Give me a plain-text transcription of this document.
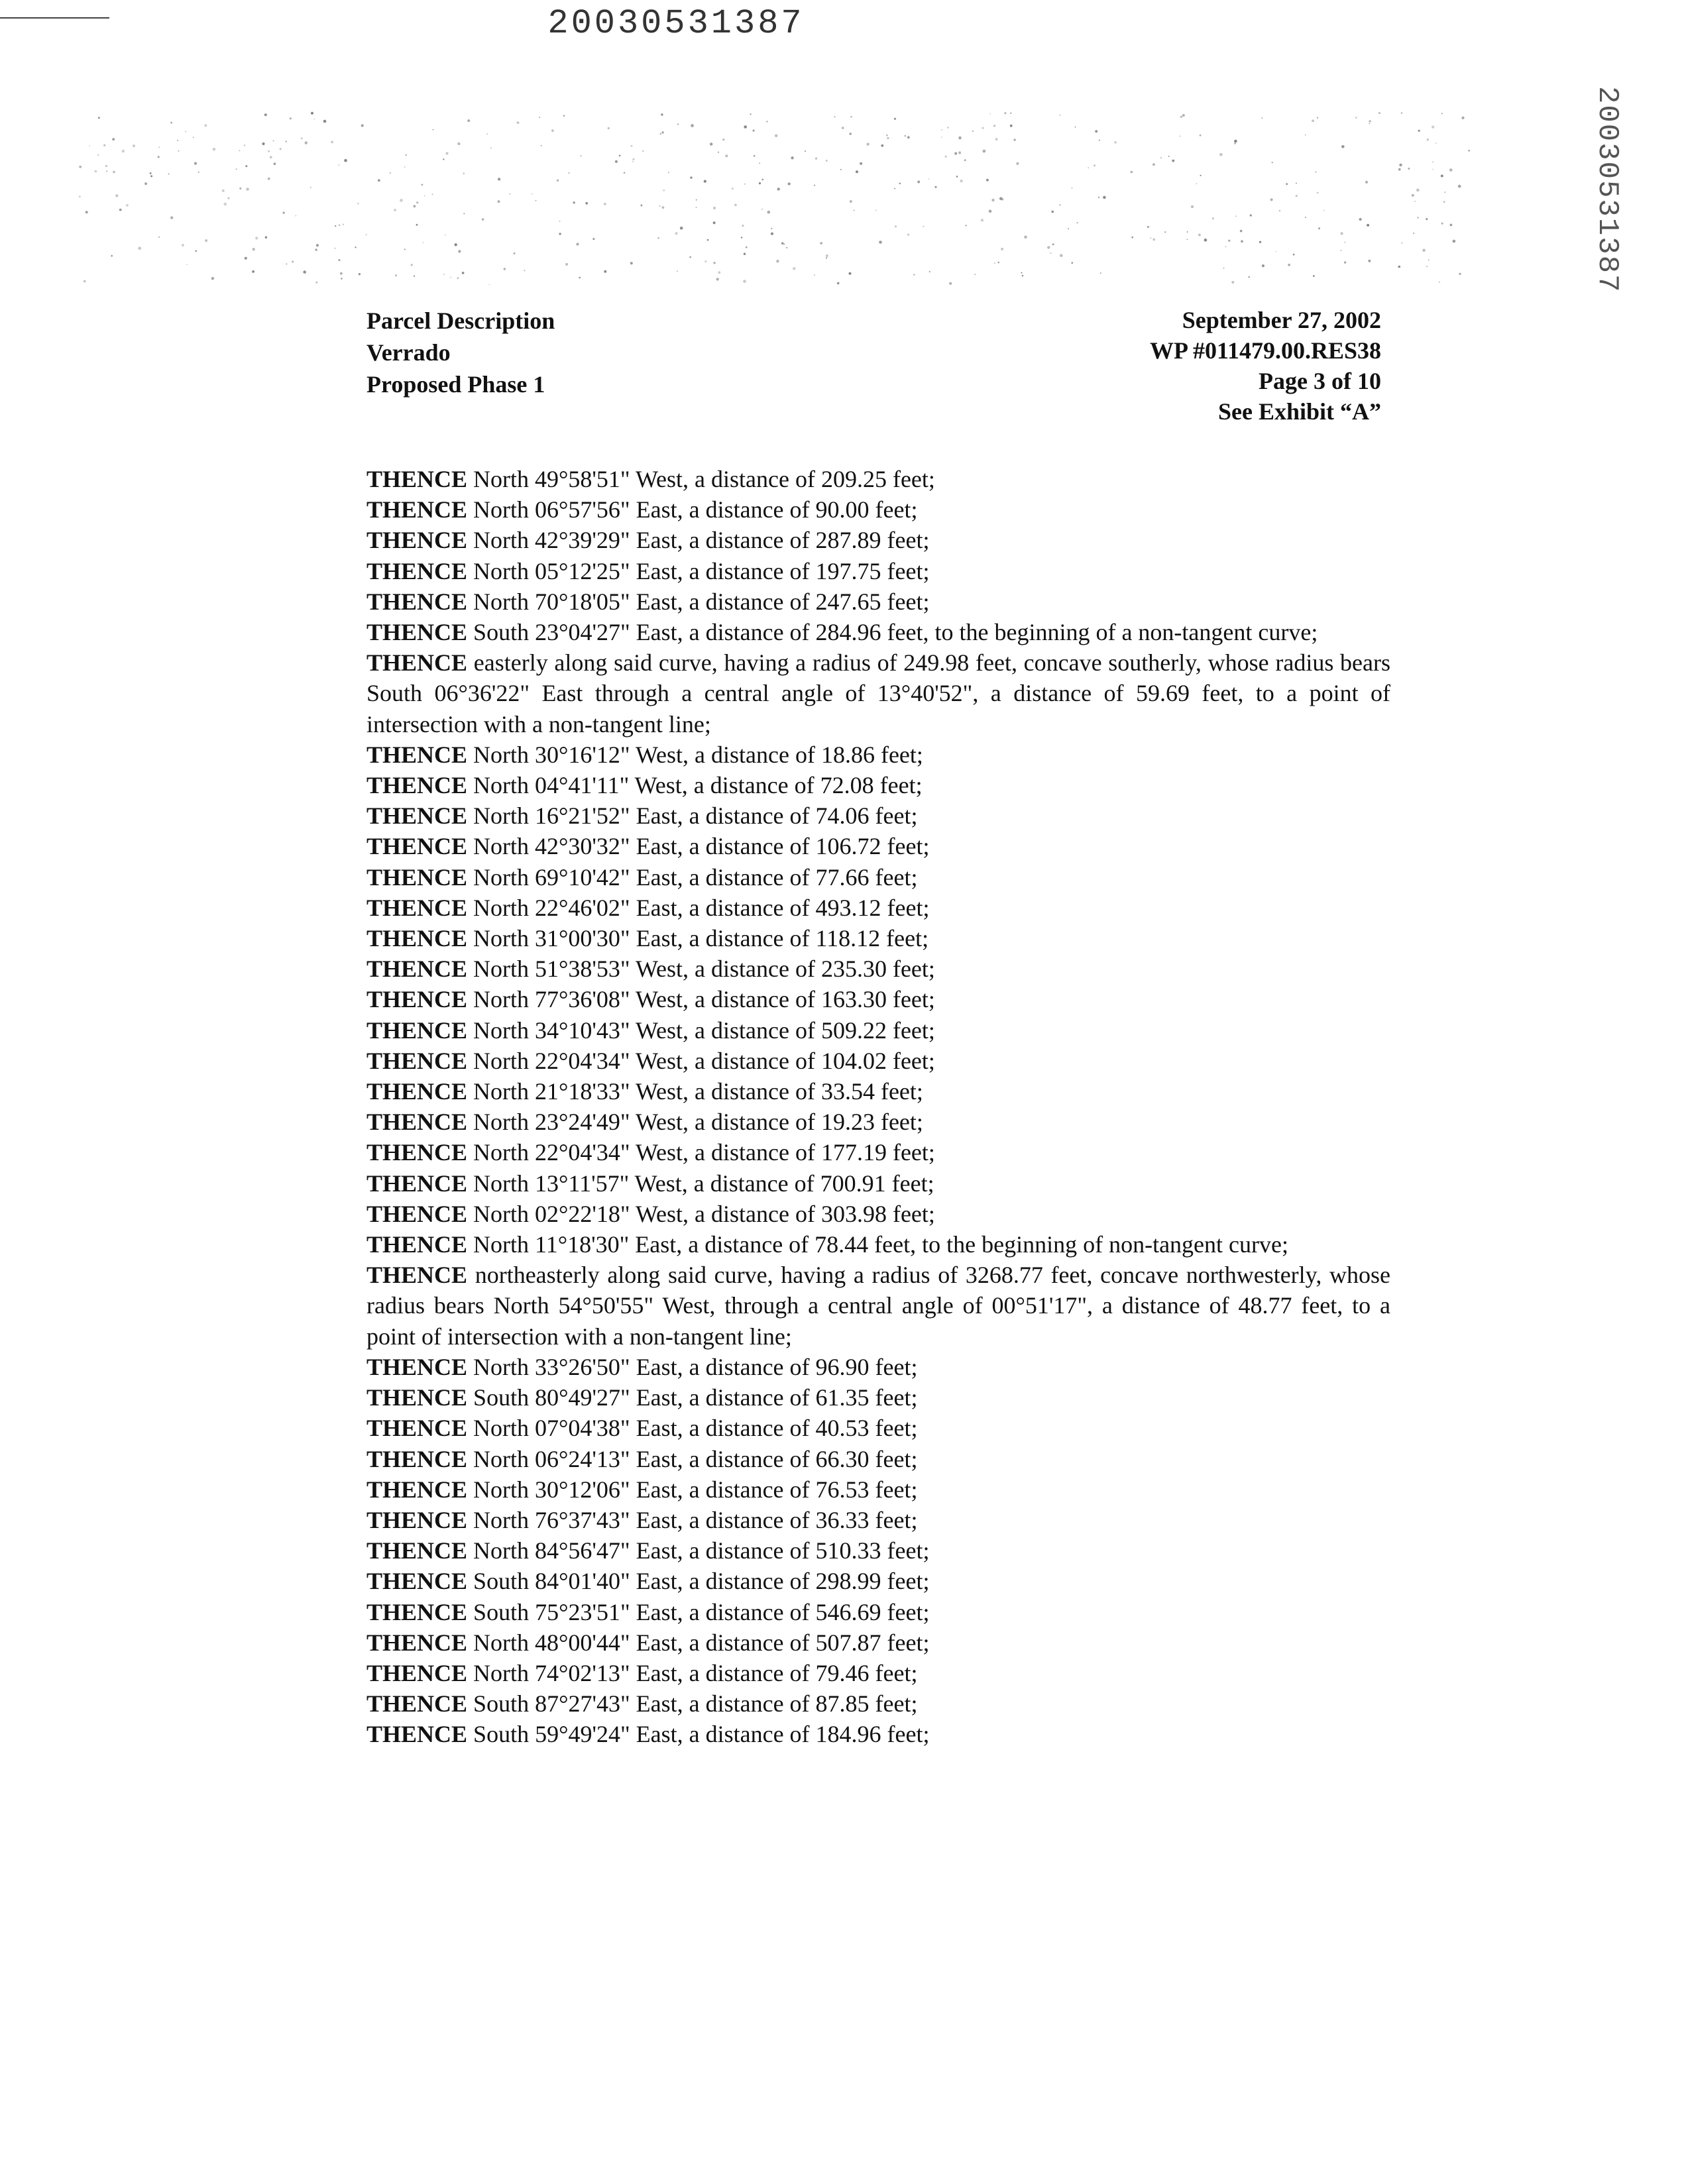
20030531387
20030531387
Parcel Description
Verrado
Proposed Phase 1
September 27, 2002
WP #011479.00.RES38
Page 3 of 10
See Exhibit “A”
THENCE North 49°58'51" West, a distance of 209.25 feet;
THENCE North 06°57'56" East, a distance of 90.00 feet;
THENCE North 42°39'29" East, a distance of 287.89 feet;
THENCE North 05°12'25" East, a distance of 197.75 feet;
THENCE North 70°18'05" East, a distance of 247.65 feet;
THENCE South 23°04'27" East, a distance of 284.96 feet, to the beginning of a non-tangent curve;
THENCE easterly along said curve, having a radius of 249.98 feet, concave southerly, whose radius bears South 06°36'22" East through a central angle of 13°40'52", a distance of 59.69 feet, to a point of intersection with a non-tangent line;
THENCE North 30°16'12" West, a distance of 18.86 feet;
THENCE North 04°41'11" West, a distance of 72.08 feet;
THENCE North 16°21'52" East, a distance of 74.06 feet;
THENCE North 42°30'32" East, a distance of 106.72 feet;
THENCE North 69°10'42" East, a distance of 77.66 feet;
THENCE North 22°46'02" East, a distance of 493.12 feet;
THENCE North 31°00'30" East, a distance of 118.12 feet;
THENCE North 51°38'53" West, a distance of 235.30 feet;
THENCE North 77°36'08" West, a distance of 163.30 feet;
THENCE North 34°10'43" West, a distance of 509.22 feet;
THENCE North 22°04'34" West, a distance of 104.02 feet;
THENCE North 21°18'33" West, a distance of 33.54 feet;
THENCE North 23°24'49" West, a distance of 19.23 feet;
THENCE North 22°04'34" West, a distance of 177.19 feet;
THENCE North 13°11'57" West, a distance of 700.91 feet;
THENCE North 02°22'18" West, a distance of 303.98 feet;
THENCE North 11°18'30" East, a distance of 78.44 feet, to the beginning of non-tangent curve;
THENCE northeasterly along said curve, having a radius of 3268.77 feet, concave northwesterly, whose radius bears North 54°50'55" West, through a central angle of 00°51'17", a distance of 48.77 feet, to a point of intersection with a non-tangent line;
THENCE North 33°26'50" East, a distance of 96.90 feet;
THENCE South 80°49'27" East, a distance of 61.35 feet;
THENCE North 07°04'38" East, a distance of 40.53 feet;
THENCE North 06°24'13" East, a distance of 66.30 feet;
THENCE North 30°12'06" East, a distance of 76.53 feet;
THENCE North 76°37'43" East, a distance of 36.33 feet;
THENCE North 84°56'47" East, a distance of 510.33 feet;
THENCE South 84°01'40" East, a distance of 298.99 feet;
THENCE South 75°23'51" East, a distance of 546.69 feet;
THENCE North 48°00'44" East, a distance of 507.87 feet;
THENCE North 74°02'13" East, a distance of 79.46 feet;
THENCE South 87°27'43" East, a distance of 87.85 feet;
THENCE South 59°49'24" East, a distance of 184.96 feet;
